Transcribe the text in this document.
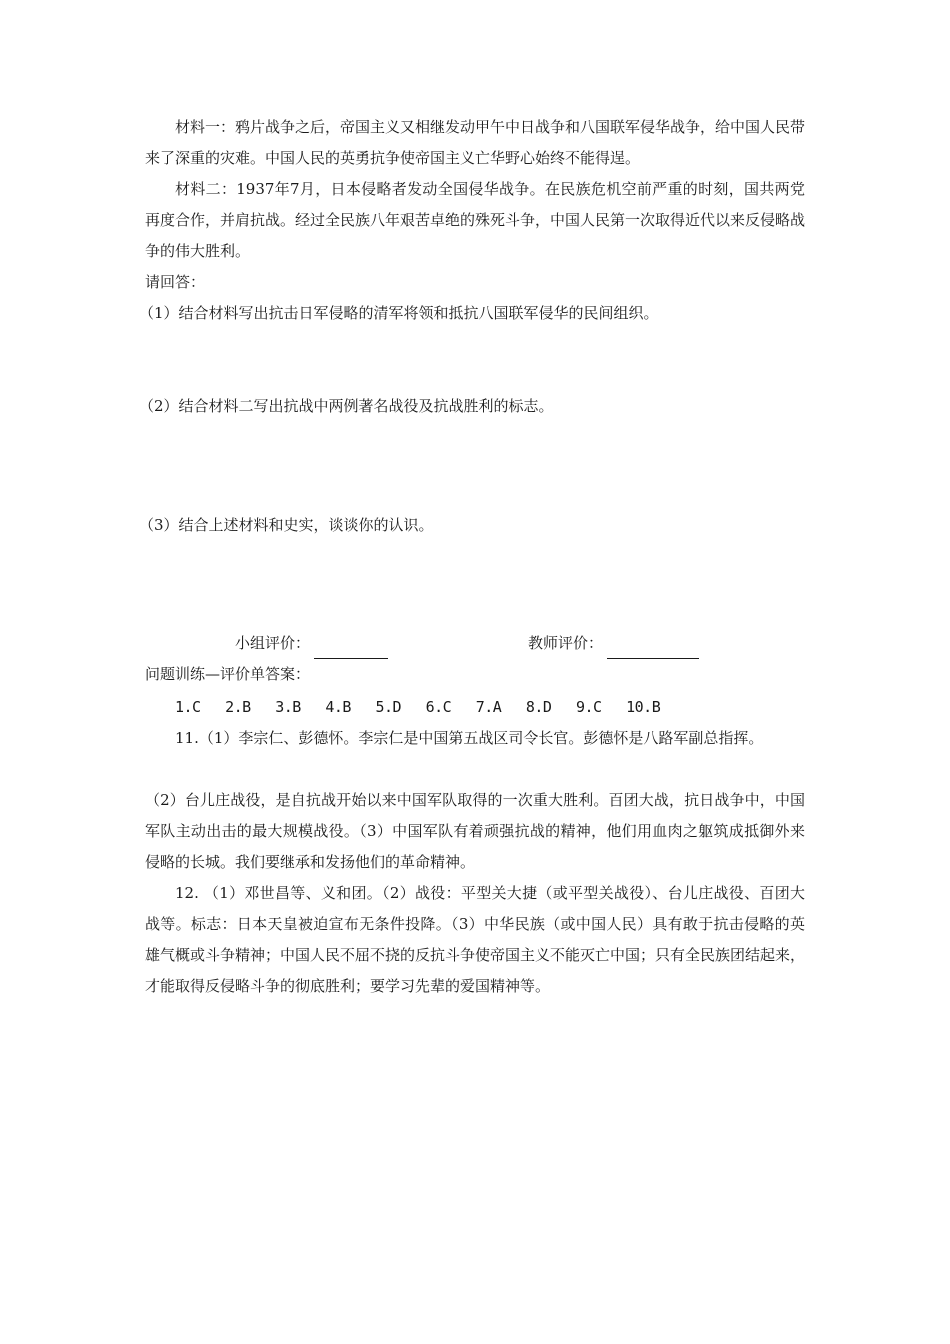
材料一：鸦片战争之后，帝国主义又相继发动甲午中日战争和八国联军侵华战争，给中国人民带来了深重的灾难。中国人民的英勇抗争使帝国主义亡华野心始终不能得逞。

材料二：1937年7月，日本侵略者发动全国侵华战争。在民族危机空前严重的时刻，国共两党再度合作，并肩抗战。经过全民族八年艰苦卓绝的殊死斗争，中国人民第一次取得近代以来反侵略战争的伟大胜利。

请回答：

（1）结合材料写出抗击日军侵略的清军将领和抵抗八国联军侵华的民间组织。

（2）结合材料二写出抗战中两例著名战役及抗战胜利的标志。

（3）结合上述材料和史实，谈谈你的认识。

小组评价：	教师评价：

问题训练—评价单答案：

1.C 2.B 3.B 4.B 5.D 6.C 7.A 8.D 9.C 10.B

11.（1）李宗仁、彭德怀。李宗仁是中国第五战区司令长官。彭德怀是八路军副总指挥。

（2）台儿庄战役，是自抗战开始以来中国军队取得的一次重大胜利。百团大战，抗日战争中，中国军队主动出击的最大规模战役。（3）中国军队有着顽强抗战的精神，他们用血肉之躯筑成抵御外来侵略的长城。我们要继承和发扬他们的革命精神。

12. （1）邓世昌等、义和团。（2）战役：平型关大捷（或平型关战役）、台儿庄战役、百团大战等。标志：日本天皇被迫宣布无条件投降。（3）中华民族（或中国人民）具有敢于抗击侵略的英雄气概或斗争精神；中国人民不屈不挠的反抗斗争使帝国主义不能灭亡中国；只有全民族团结起来，才能取得反侵略斗争的彻底胜利；要学习先辈的爱国精神等。
